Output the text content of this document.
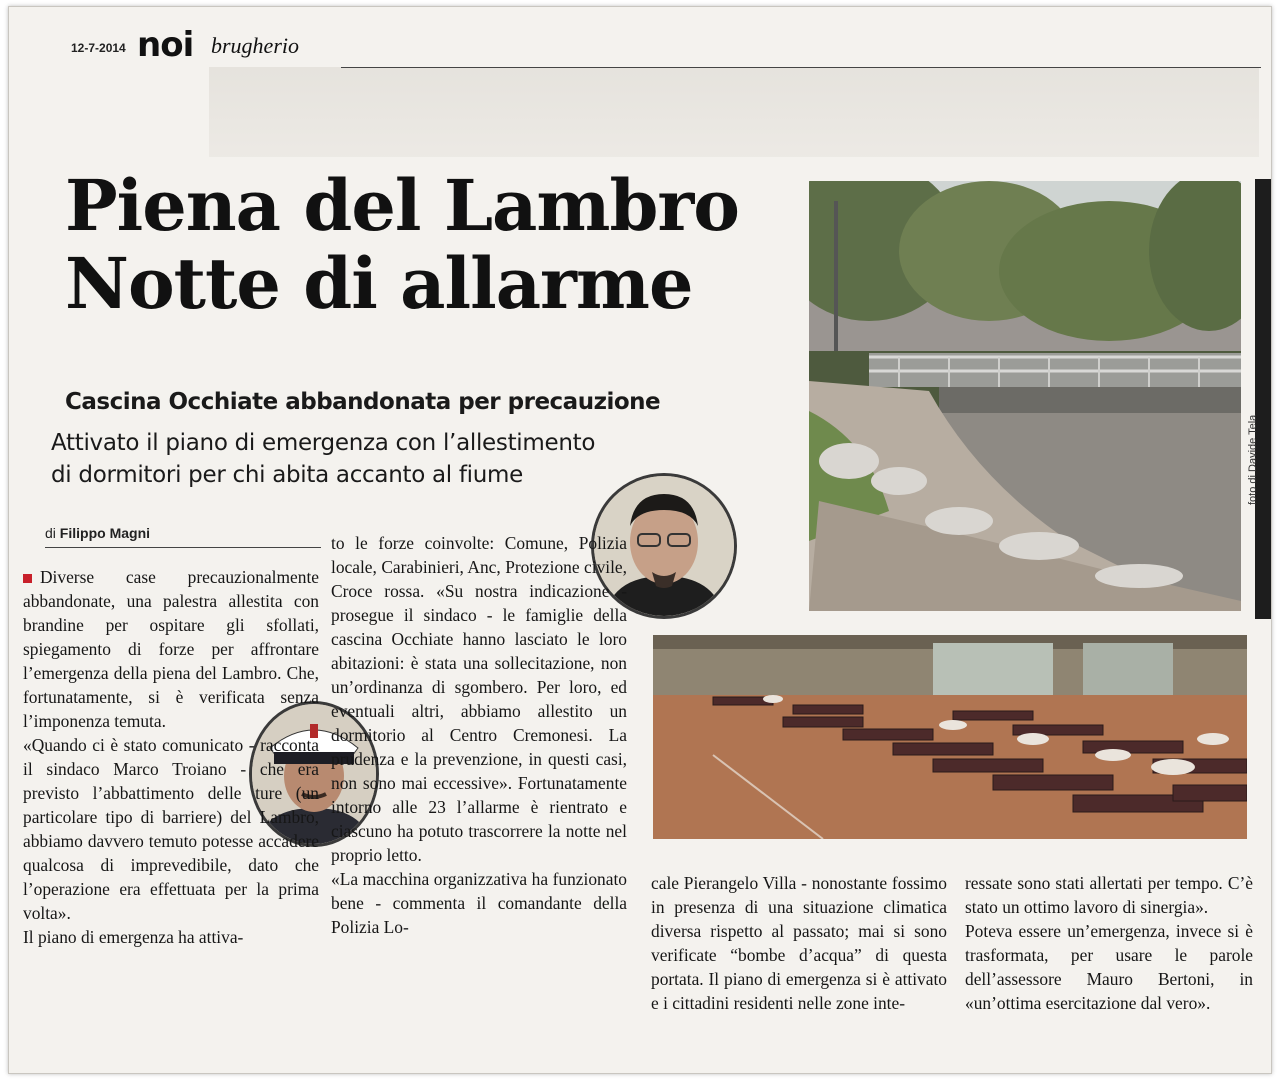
12-7-2014 noi brugherio
Piena del Lambro
Notte di allarme

Cascina Occhiate abbandonata per precauzione

Attivato il piano di emergenza con l’allestimento
di dormitori per chi abita accanto al fiume

di Filippo Magni
foto di Davide Tela

Diverse case precauzionalmente abbandonate, una palestra allestita con brandine per ospitare gli sfollati, spiegamento di forze per affrontare l’emergenza della piena del Lambro. Che, fortunatamente, si è verificata senza l’imponenza temuta.

«Quando ci è stato comunicato - racconta il sindaco Marco Troiano - che era previsto l’abbattimento delle ture (un particolare tipo di barriere) del Lambro, abbiamo davvero temuto potesse accadere qualcosa di imprevedibile, dato che l’operazione era effettuata per la prima volta».

Il piano di emergenza ha attiva-

to le forze coinvolte: Comune, Polizia locale, Carabinieri, Anc, Protezione civile, Croce rossa. «Su nostra indicazione - prosegue il sindaco - le famiglie della cascina Occhiate hanno lasciato le loro abitazioni: è stata una sollecitazione, non un’ordinanza di sgombero. Per loro, ed eventuali altri, abbiamo allestito un dormitorio al Centro Cremonesi. La prudenza e la prevenzione, in questi casi, non sono mai eccessive». Fortunatamente intorno alle 23 l’allarme è rientrato e ciascuno ha potuto trascorrere la notte nel proprio letto.

«La macchina organizzativa ha funzionato bene - commenta il comandante della Polizia Lo-

cale Pierangelo Villa - nonostante fossimo in presenza di una situazione climatica diversa rispetto al passato; mai si sono verificate “bombe d’acqua” di questa portata. Il piano di emergenza si è attivato e i cittadini residenti nelle zone inte-

ressate sono stati allertati per tempo. C’è stato un ottimo lavoro di sinergia».

Poteva essere un’emergenza, invece si è trasformata, per usare le parole dell’assessore Mauro Bertoni, in «un’ottima esercitazione dal vero».
